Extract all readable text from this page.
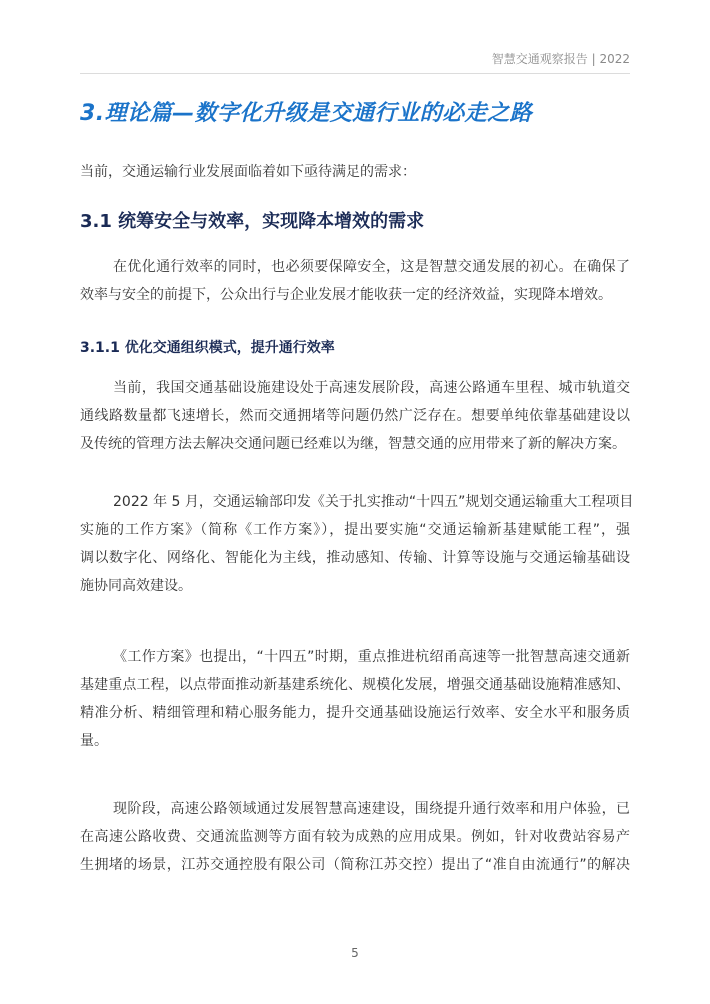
智慧交通观察报告 | 2022
3.理论篇—数字化升级是交通行业的必走之路
当前，交通运输行业发展面临着如下亟待满足的需求：
3.1 统筹安全与效率，实现降本增效的需求
在优化通行效率的同时，也必须要保障安全，这是智慧交通发展的初心。在确保了
效率与安全的前提下，公众出行与企业发展才能收获一定的经济效益，实现降本增效。
3.1.1 优化交通组织模式，提升通行效率
当前，我国交通基础设施建设处于高速发展阶段，高速公路通车里程、城市轨道交
通线路数量都飞速增长，然而交通拥堵等问题仍然广泛存在。想要单纯依靠基础建设以
及传统的管理方法去解决交通问题已经难以为继，智慧交通的应用带来了新的解决方案。
2022 年 5 月，交通运输部印发《关于扎实推动“十四五”规划交通运输重大工程项目
实施的工作方案》（简称《工作方案》），提出要实施“交通运输新基建赋能工程”，强
调以数字化、网络化、智能化为主线，推动感知、传输、计算等设施与交通运输基础设
施协同高效建设。
《工作方案》也提出，“十四五”时期，重点推进杭绍甬高速等一批智慧高速交通新
基建重点工程，以点带面推动新基建系统化、规模化发展，增强交通基础设施精准感知、
精准分析、精细管理和精心服务能力，提升交通基础设施运行效率、安全水平和服务质
量。
现阶段，高速公路领域通过发展智慧高速建设，围绕提升通行效率和用户体验，已
在高速公路收费、交通流监测等方面有较为成熟的应用成果。例如，针对收费站容易产
生拥堵的场景，江苏交通控股有限公司（简称江苏交控）提出了“准自由流通行”的解决
5
